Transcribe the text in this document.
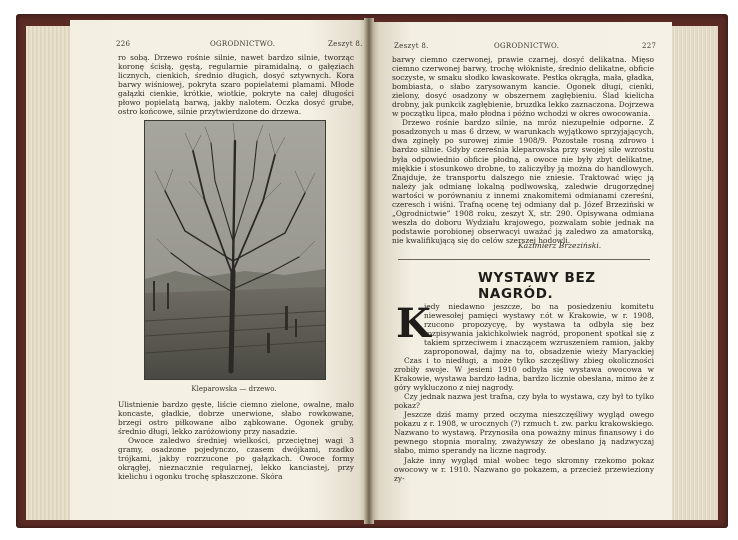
226	OGRODNICTWO.	Zeszyt 8.

ro sobą. Drzewo rośnie silnie, nawet bardzo silnie, tworząc koronę ścisłą, gęstą, regularnie piramidalną, o gałęziach licznych, cienkich, średnio długich, dosyć sztywnych. Kora barwy wiśniowej, pokryta szaro popielatemi plamami. Młode gałązki cienkie, krótkie, wiotkie, pokryte na całej długości płowo popielatą barwą, jakby nalotem. Oczka dosyć grube, ostro końcowe, silnie przytwierdzone do drzewa.

Kleparowska — drzewo.

Ulistnienie bardzo gęste, liście ciemno zielone, owalne, mało koncaste, gładkie, dobrze unerwione, słabo rowkowane, brzegi ostro piłkowane albo ząbkowane. Ogonek gruby, średnio długi, lekko zaróżowiony przy nasadzie.

Owoce zaledwo średniej wielkości, przeciętnej wagi 3 gramy, osadzone pojedynczo, czasem dwójkami, rzadko trójkami, jakby rozrzucone po gałązkach. Owoce formy okrągłej, nieznacznie regularnej, lekko kanciastej, przy kielichu i ogonku trochę spłaszczone. Skóra

Zeszyt 8.	OGRODNICTWO.	227

barwy ciemno czerwonej, prawie czarnej, dosyć delikatna. Mięso ciemno czerwonej barwy, trochę włókniste, średnio delikatne, obficie soczyste, w smaku słodko kwaskowate. Pestka okrągła, mała, gładka, bombiasta, o słabo zarysowanym kancie. Ogonek długi, cienki, zielony, dosyć osadzony w obszernem zagłębieniu. Ślad kielicha drobny, jak punkcik zagłębienie, bruzdka lekko zaznaczona. Dojrzewa w początku lipca, mało płodna i późno wchodzi w okres owocowania.

Drzewo rośnie bardzo silnie, na mróz niezupełnie odporne. Z posadzonych u mas 6 drzew, w warunkach wyjątkowo sprzyjających, dwa zginęły po surowej zimie 1908/9. Pozostałe rosną zdrowo i bardzo silnie. Gdyby czereśnia kleparowska przy swojej sile wzrostu była odpowiednio obficie płodną, a owoce nie były zbyt delikatne, miękkie i stosunkowo drobne, to zaliczyłby ją można do handlowych. Znajduje, że transportu dalszego nie zniesie. Traktować więc ją należy jak odmianę lokalną podlwowską, zaledwie drugorzędnej wartości w porównaniu z innemi znakomitemi odmianami czereśni, czeresch i wiśni. Trafną ocenę tej odmiany dał p. Józef Brzeziński w „Ogrodnictwie” 1908 roku, zeszyt X, str. 290. Opisywana odmiana weszła do doboru Wydziału krajowego, pozwalam sobie jednak na podstawie porobionej obserwacyi uważać ją zaledwo za amatorską, nie kwalifikującą się do celów szerszej hodowli.

Kazimierz Brzeziński.
WYSTAWY BEZ NAGRÓD.
K

iedy niedawno jeszcze, bo na posiedzeniu komitetu niewesołej pamięci wystawy r.ót w Krakowie, w r. 1908, rzucono propozycyę, by wystawa ta odbyła się bez rozpisywania jakichkolwiek nagród, proponent spotkał się z takiem sprzeciwem i znaczącem wzruszeniem ramion, jakby zaproponował, dajmy na to, obsadzenie wieży Maryackiej

Czas i to niedługi, a może tylko szczęśliwy zbieg okoliczności zrobiły swoje. W jesieni 1910 odbyła się wystawa owocowa w Krakowie, wystawa bardzo ładna, bardzo licznie obesłana, mimo że z góry wykluczono z niej nagrody.

Czy jednak nazwa jest trafna, czy była to wystawa, czy był to tylko pokaz?

Jeszcze dziś mamy przed oczyma nieszczęśliwy wygląd owego pokazu z r. 1908, w urocznych (?) rzmuch t. zw. parku krakowskiego. Nazwano to wystawą. Przynosiła ona poważny minus finansowy i do pewnego stopnia moralny, zważywszy że obesłano ją nadzwyczaj słabo, mimo sperandy na liczne nagrody.

Jakże inny wygląd miał wobec tego skromny rzekomo pokaz owocowy w r. 1910. Nazwano go pokazem, a przecież przewieziony zy-
